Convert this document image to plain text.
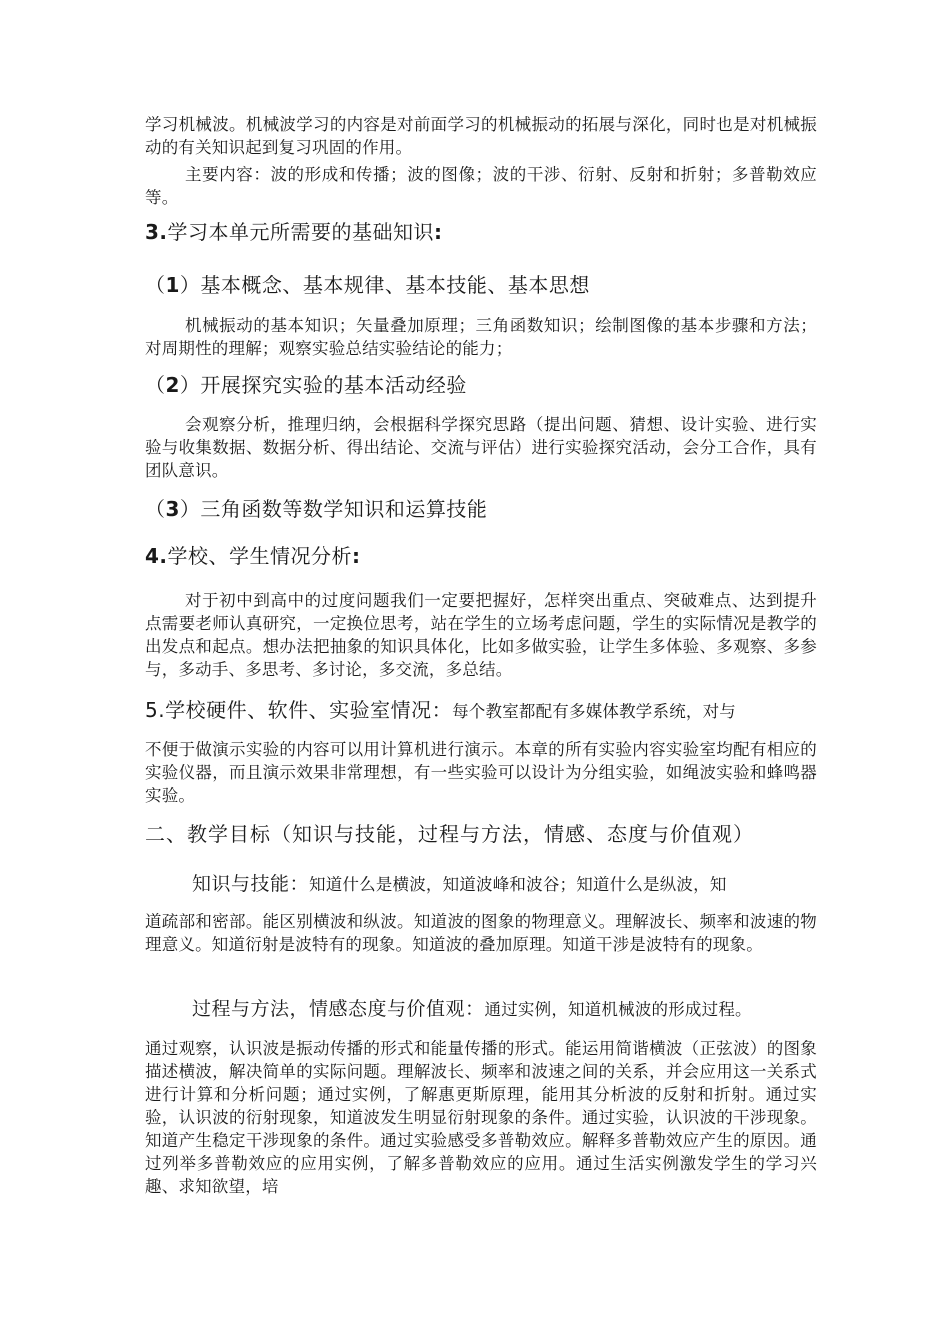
学习机械波。机械波学习的内容是对前面学习的机械振动的拓展与深化，同时也是对机械振动的有关知识起到复习巩固的作用。

主要内容：波的形成和传播；波的图像；波的干涉、衍射、反射和折射；多普勒效应等。

3.学习本单元所需要的基础知识:
（1）基本概念、基本规律、基本技能、基本思想

机械振动的基本知识；矢量叠加原理；三角函数知识；绘制图像的基本步骤和方法；对周期性的理解；观察实验总结实验结论的能力；

（2）开展探究实验的基本活动经验

会观察分析，推理归纳，会根据科学探究思路（提出问题、猜想、设计实验、进行实验与收集数据、数据分析、得出结论、交流与评估）进行实验探究活动，会分工合作，具有团队意识。

（3）三角函数等数学知识和运算技能
4.学校、学生情况分析:

对于初中到高中的过度问题我们一定要把握好，怎样突出重点、突破难点、达到提升点需要老师认真研究，一定换位思考，站在学生的立场考虑问题，学生的实际情况是教学的出发点和起点。想办法把抽象的知识具体化，比如多做实验，让学生多体验、多观察、多参与，多动手、多思考、多讨论，多交流，多总结。

5.学校硬件、软件、实验室情况：每个教室都配有多媒体教学系统，对与

不便于做演示实验的内容可以用计算机进行演示。本章的所有实验内容实验室均配有相应的实验仪器，而且演示效果非常理想，有一些实验可以设计为分组实验，如绳波实验和蜂鸣器实验。

二、教学目标（知识与技能，过程与方法，情感、态度与价值观）
知识与技能：知道什么是横波，知道波峰和波谷；知道什么是纵波，知

道疏部和密部。能区别横波和纵波。知道波的图象的物理意义。理解波长、频率和波速的物理意义。知道衍射是波特有的现象。知道波的叠加原理。知道干涉是波特有的现象。

过程与方法，情感态度与价值观：通过实例，知道机械波的形成过程。

通过观察，认识波是振动传播的形式和能量传播的形式。能运用简谐横波（正弦波）的图象描述横波，解决简单的实际问题。理解波长、频率和波速之间的关系，并会应用这一关系式进行计算和分析问题；通过实例，了解惠更斯原理，能用其分析波的反射和折射。通过实验，认识波的衍射现象，知道波发生明显衍射现象的条件。通过实验，认识波的干涉现象。知道产生稳定干涉现象的条件。通过实验感受多普勒效应。解释多普勒效应产生的原因。通过列举多普勒效应的应用实例，了解多普勒效应的应用。通过生活实例激发学生的学习兴趣、求知欲望，培
